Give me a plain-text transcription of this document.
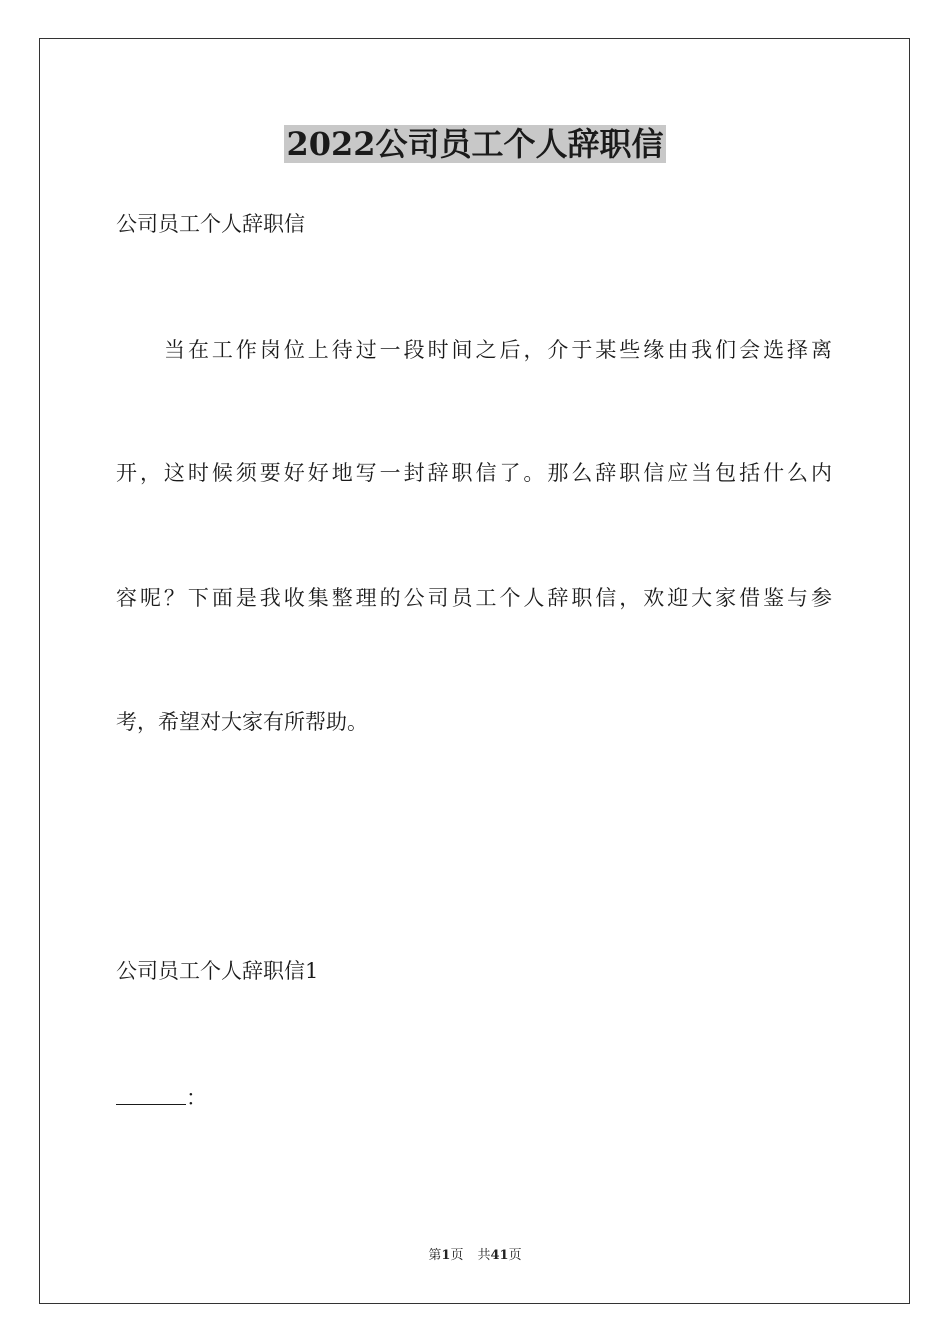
2022公司员工个人辞职信

公司员工个人辞职信

当在工作岗位上待过一段时间之后，介于某些缘由我们会选择离

开，这时候须要好好地写一封辞职信了。那么辞职信应当包括什么内

容呢？下面是我收集整理的公司员工个人辞职信，欢迎大家借鉴与参

考，希望对大家有所帮助。

公司员工个人辞职信1

：

第1页 共41页
